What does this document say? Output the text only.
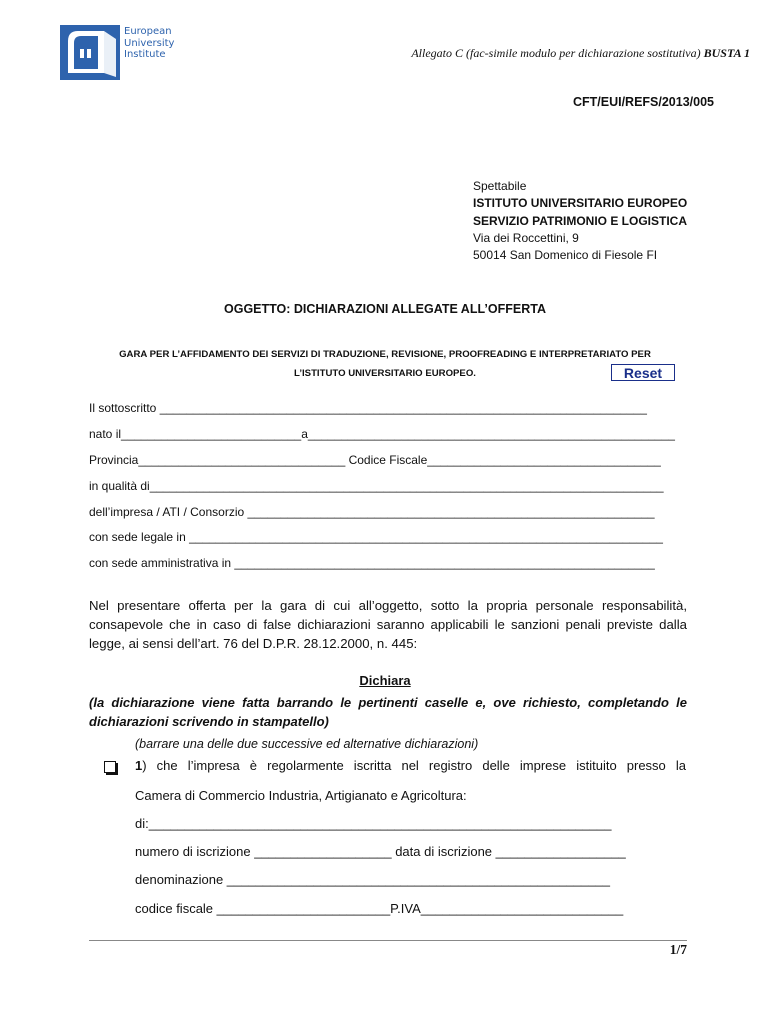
European
University
Institute	Allegato C (fac-simile modulo per dichiarazione sostitutiva) BUSTA 1
CFT/EUI/REFS/2013/005
Spettabile
ISTITUTO UNIVERSITARIO EUROPEO
SERVIZIO PATRIMONIO E LOGISTICA
Via dei Roccettini, 9
50014 San Domenico di Fiesole FI
OGGETTO: DICHIARAZIONI ALLEGATE ALL’OFFERTA
GARA PER L’AFFIDAMENTO DEI SERVIZI DI TRADUZIONE, REVISIONE, PROOFREADING E INTERPRETARIATO PER
L’ISTITUTO UNIVERSITARIO EUROPEO.	Reset
Il sottoscritto _________________________________________________________________________
nato il___________________________a_______________________________________________________
Provincia_______________________________ Codice Fiscale___________________________________
in qualità di_____________________________________________________________________________
dell’impresa / ATI / Consorzio _____________________________________________________________
con sede legale in _______________________________________________________________________
con sede amministrativa in _______________________________________________________________
Nel presentare offerta per la gara di cui all’oggetto, sotto la propria personale responsabilità, consapevole che in caso di false dichiarazioni saranno applicabili le sanzioni penali previste dalla legge, ai sensi dell’art. 76 del D.P.R. 28.12.2000, n. 445:
Dichiara
(la dichiarazione viene fatta barrando le pertinenti caselle e, ove richiesto, completando le dichiarazioni scrivendo in stampatello)
(barrare una delle due successive ed alternative dichiarazioni)
1) che l’impresa è regolarmente iscritta nel registro delle imprese istituito presso la
Camera di Commercio Industria, Artigianato e Agricoltura:
di:________________________________________________________________
numero di iscrizione ___________________ data di iscrizione __________________
denominazione _____________________________________________________
codice fiscale ________________________P.IVA____________________________
1/7
